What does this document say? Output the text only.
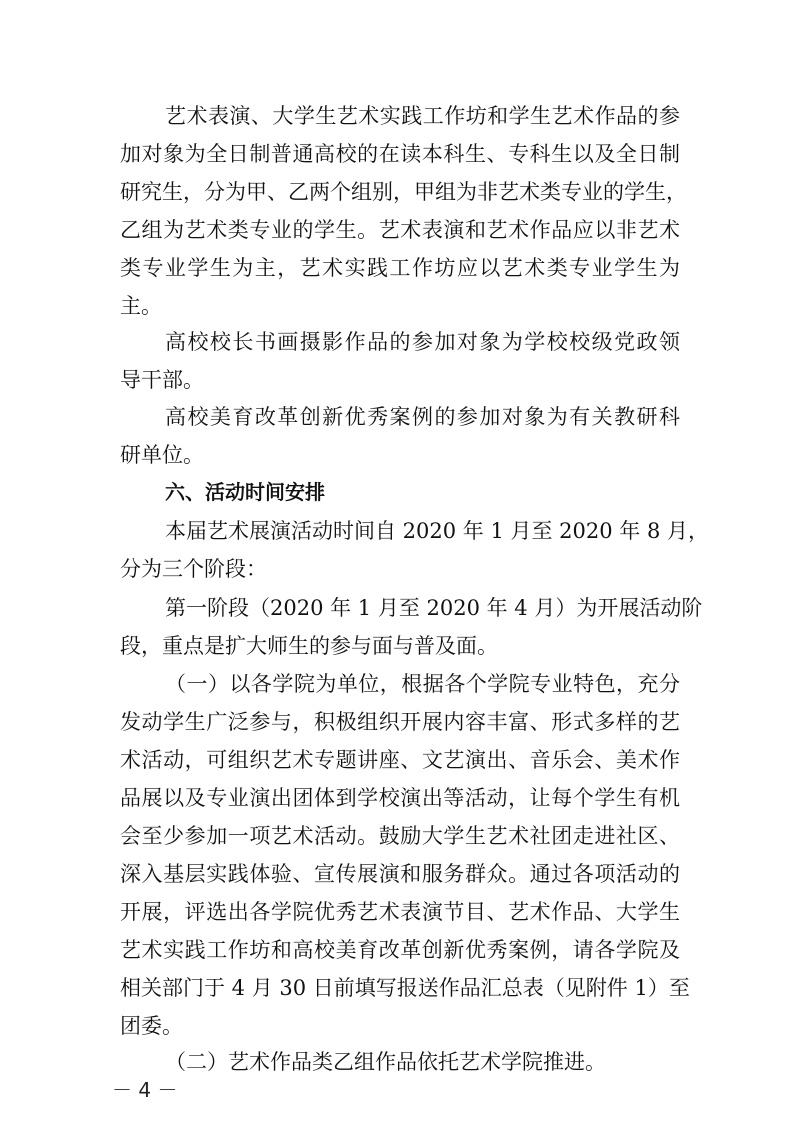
艺术表演、大学生艺术实践工作坊和学生艺术作品的参
加对象为全日制普通高校的在读本科生、专科生以及全日制
研究生，分为甲、乙两个组别，甲组为非艺术类专业的学生，
乙组为艺术类专业的学生。艺术表演和艺术作品应以非艺术
类专业学生为主，艺术实践工作坊应以艺术类专业学生为
主。
高校校长书画摄影作品的参加对象为学校校级党政领
导干部。
高校美育改革创新优秀案例的参加对象为有关教研科
研单位。
六、活动时间安排
本届艺术展演活动时间自 2020 年 1 月至 2020 年 8 月，
分为三个阶段：
第一阶段（2020 年 1 月至 2020 年 4 月）为开展活动阶
段，重点是扩大师生的参与面与普及面。
（一）以各学院为单位，根据各个学院专业特色，充分
发动学生广泛参与，积极组织开展内容丰富、形式多样的艺
术活动，可组织艺术专题讲座、文艺演出、音乐会、美术作
品展以及专业演出团体到学校演出等活动，让每个学生有机
会至少参加一项艺术活动。鼓励大学生艺术社团走进社区、
深入基层实践体验、宣传展演和服务群众。通过各项活动的
开展，评选出各学院优秀艺术表演节目、艺术作品、大学生
艺术实践工作坊和高校美育改革创新优秀案例，请各学院及
相关部门于 4 月 30 日前填写报送作品汇总表（见附件 1）至
团委。
（二）艺术作品类乙组作品依托艺术学院推进。
－ 4 －
